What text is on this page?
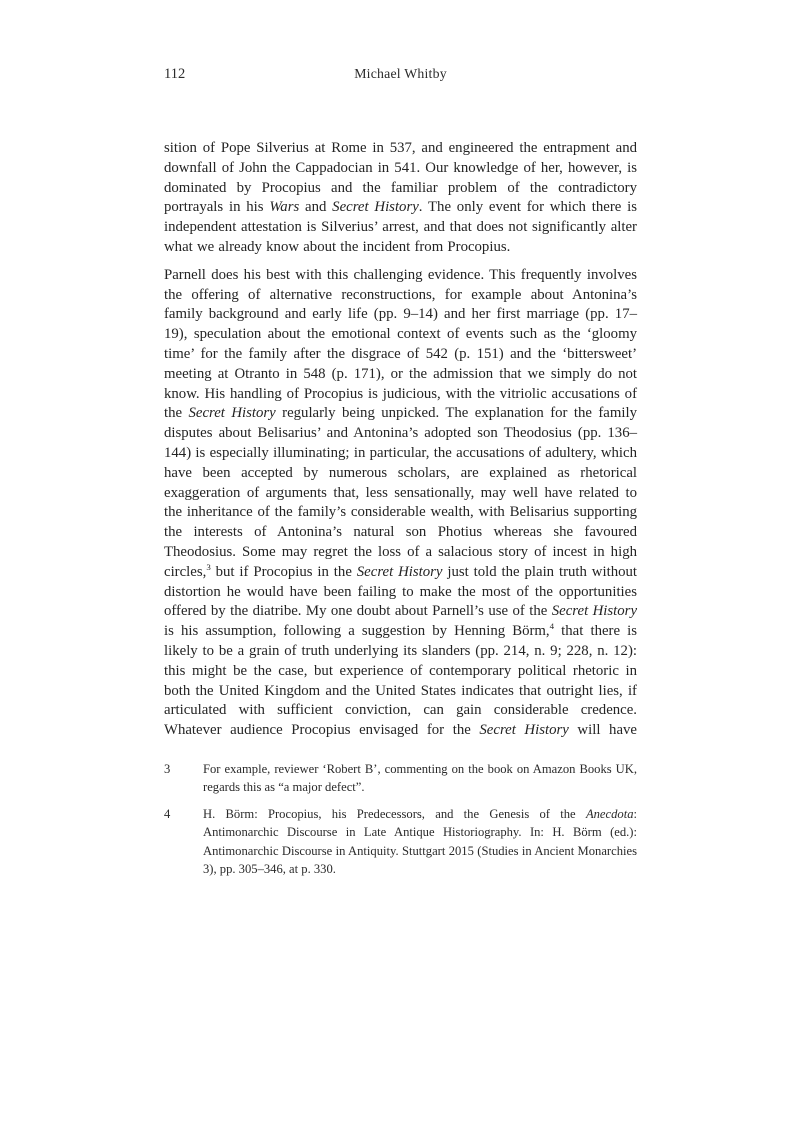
112	Michael Whitby

sition of Pope Silverius at Rome in 537, and engineered the entrapment and downfall of John the Cappadocian in 541. Our knowledge of her, however, is dominated by Procopius and the familiar problem of the contradictory portrayals in his Wars and Secret History. The only event for which there is independent attestation is Silverius’ arrest, and that does not significantly alter what we already know about the incident from Procopius.

Parnell does his best with this challenging evidence. This frequently involves the offering of alternative reconstructions, for example about Antonina’s family background and early life (pp. 9–14) and her first marriage (pp. 17–19), speculation about the emotional context of events such as the ‘gloomy time’ for the family after the disgrace of 542 (p. 151) and the ‘bittersweet’ meeting at Otranto in 548 (p. 171), or the admission that we simply do not know. His handling of Procopius is judicious, with the vitriolic accusations of the Secret History regularly being unpicked. The explanation for the family disputes about Belisarius’ and Antonina’s adopted son Theodosius (pp. 136–144) is especially illuminating; in particular, the accusations of adultery, which have been accepted by numerous scholars, are explained as rhetorical exaggeration of arguments that, less sensationally, may well have related to the inheritance of the family’s considerable wealth, with Belisarius supporting the interests of Antonina’s natural son Photius whereas she favoured Theodosius. Some may regret the loss of a salacious story of incest in high circles,$^3$ but if Procopius in the Secret History just told the plain truth without distortion he would have been failing to make the most of the opportunities offered by the diatribe. My one doubt about Parnell’s use of the Secret History is his assumption, following a suggestion by Henning Börm,$^4$ that there is likely to be a grain of truth underlying its slanders (pp. 214, n. 9; 228, n. 12): this might be the case, but experience of contemporary political rhetoric in both the United Kingdom and the United States indicates that outright lies, if articulated with sufficient conviction, can gain considerable credence. Whatever audience Procopius envisaged for the Secret History will have

3	For example, reviewer ‘Robert B’, commenting on the book on Amazon Books UK, regards this as “a major defect”.
4	H. Börm: Procopius, his Predecessors, and the Genesis of the Anecdota: Antimonarchic Discourse in Late Antique Historiography. In: H. Börm (ed.): Antimonarchic Discourse in Antiquity. Stuttgart 2015 (Studies in Ancient Monarchies 3), pp. 305–346, at p. 330.
